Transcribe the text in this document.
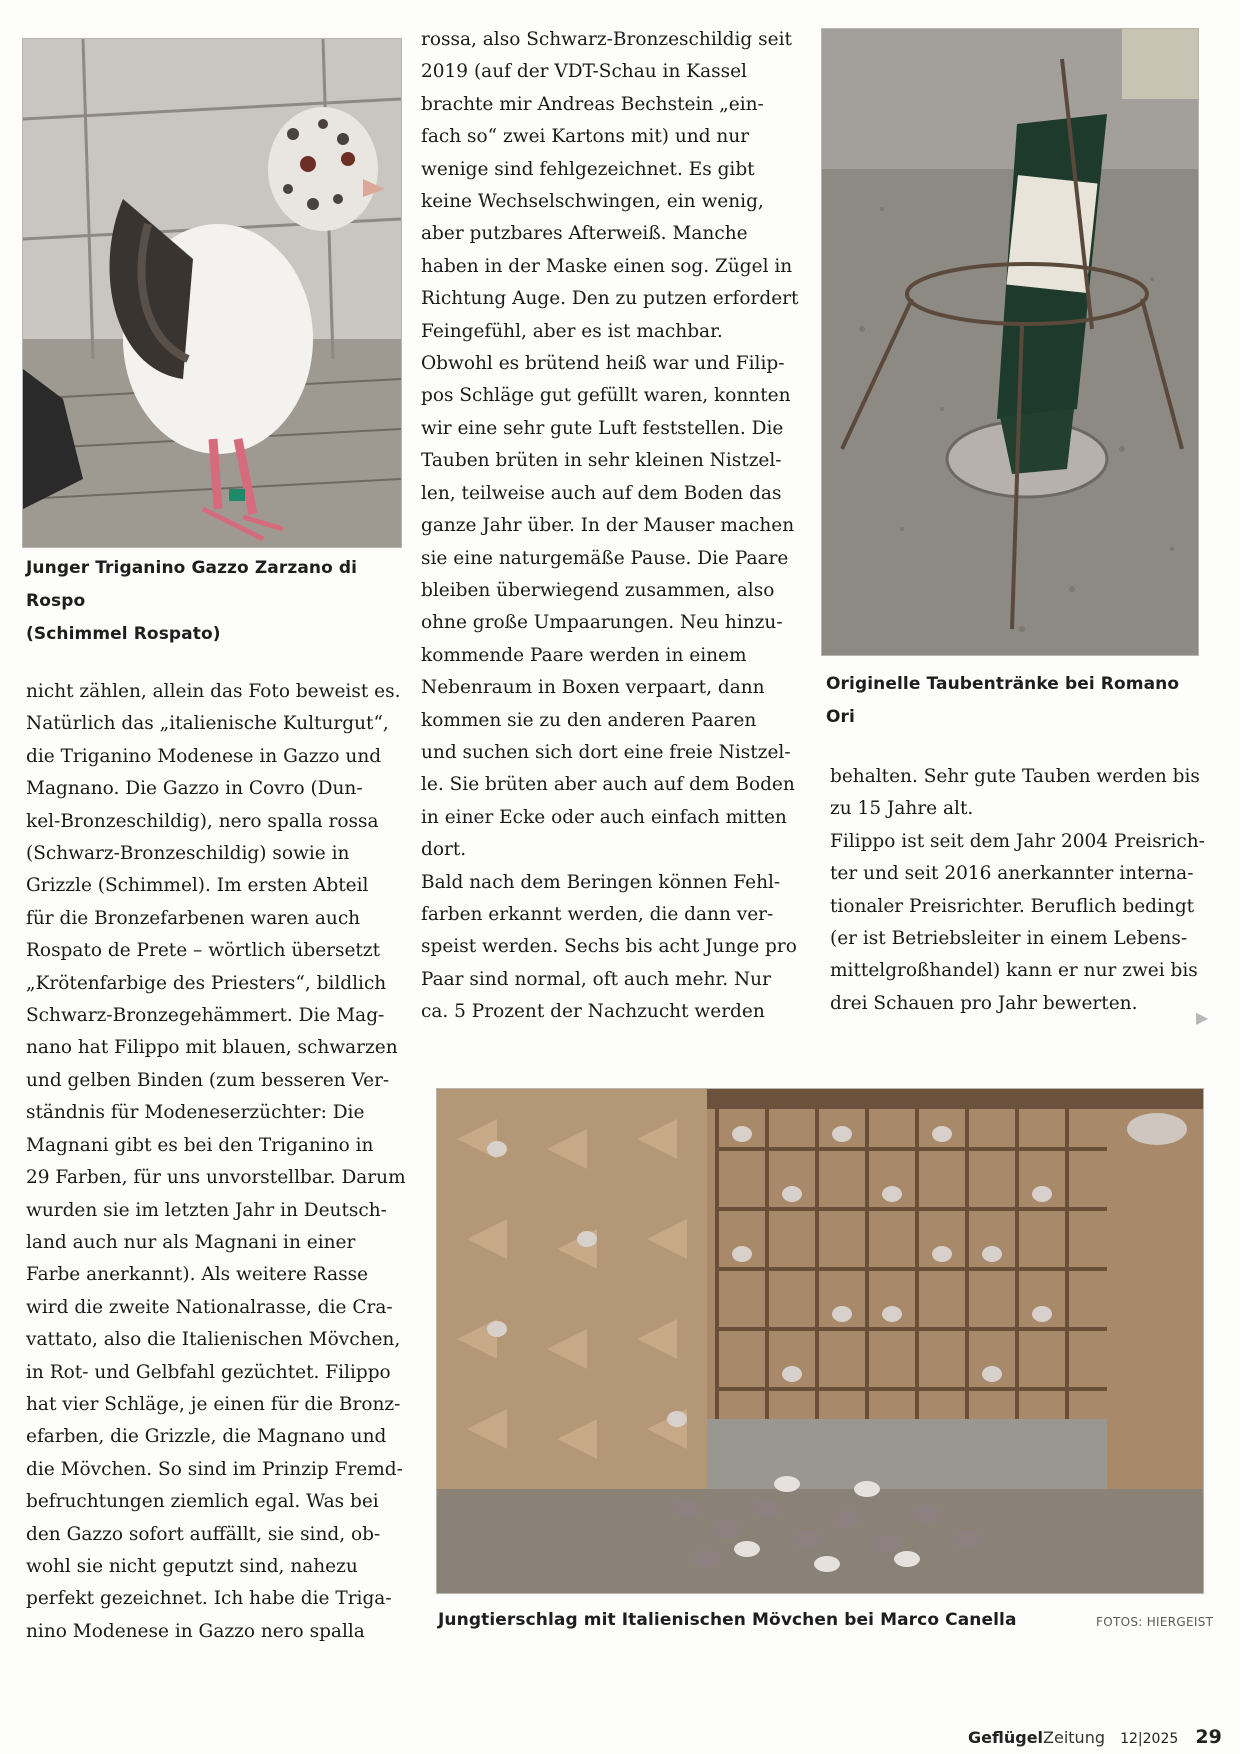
Junger Triganino Gazzo Zarzano di Rospo
(Schimmel Rospato)
Originelle Taubentränke bei Romano Ori
Jungtierschlag mit Italienischen Mövchen bei Marco Canella	FOTOS: HIERGEIST
nicht zählen, allein das Foto beweist es.
Natürlich das „italienische Kulturgut“,
die Triganino Modenese in Gazzo und
Magnano. Die Gazzo in Covro (Dun-
kel-Bronzeschildig), nero spalla rossa
(Schwarz-Bronzeschildig) sowie in
Grizzle (Schimmel). Im ersten Abteil
für die Bronzefarbenen waren auch
Rospato de Prete – wörtlich übersetzt
„Krötenfarbige des Priesters“, bildlich
Schwarz-Bronzegehämmert. Die Mag-
nano hat Filippo mit blauen, schwarzen
und gelben Binden (zum besseren Ver-
ständnis für Modeneserzüchter: Die
Magnani gibt es bei den Triganino in
29 Farben, für uns unvorstellbar. Darum
wurden sie im letzten Jahr in Deutsch-
land auch nur als Magnani in einer
Farbe anerkannt). Als weitere Rasse
wird die zweite Nationalrasse, die Cra-
vattato, also die Italienischen Mövchen,
in Rot- und Gelbfahl gezüchtet. Filippo
hat vier Schläge, je einen für die Bronz-
efarben, die Grizzle, die Magnano und
die Mövchen. So sind im Prinzip Fremd-
befruchtungen ziemlich egal. Was bei
den Gazzo sofort auffällt, sie sind, ob-
wohl sie nicht geputzt sind, nahezu
perfekt gezeichnet. Ich habe die Triga-
nino Modenese in Gazzo nero spalla
rossa, also Schwarz-Bronzeschildig seit
2019 (auf der VDT-Schau in Kassel
brachte mir Andreas Bechstein „ein-
fach so“ zwei Kartons mit) und nur
wenige sind fehlgezeichnet. Es gibt
keine Wechselschwingen, ein wenig,
aber putzbares Afterweiß. Manche
haben in der Maske einen sog. Zügel in
Richtung Auge. Den zu putzen erfordert
Feingefühl, aber es ist machbar.
Obwohl es brütend heiß war und Filip-
pos Schläge gut gefüllt waren, konnten
wir eine sehr gute Luft feststellen. Die
Tauben brüten in sehr kleinen Nistzel-
len, teilweise auch auf dem Boden das
ganze Jahr über. In der Mauser machen
sie eine naturgemäße Pause. Die Paare
bleiben überwiegend zusammen, also
ohne große Umpaarungen. Neu hinzu-
kommende Paare werden in einem
Nebenraum in Boxen verpaart, dann
kommen sie zu den anderen Paaren
und suchen sich dort eine freie Nistzel-
le. Sie brüten aber auch auf dem Boden
in einer Ecke oder auch einfach mitten
dort.
Bald nach dem Beringen können Fehl-
farben erkannt werden, die dann ver-
speist werden. Sechs bis acht Junge pro
Paar sind normal, oft auch mehr. Nur
ca. 5 Prozent der Nachzucht werden
behalten. Sehr gute Tauben werden bis
zu 15 Jahre alt.
Filippo ist seit dem Jahr 2004 Preisrich-
ter und seit 2016 anerkannter interna-
tionaler Preisrichter. Beruflich bedingt
(er ist Betriebsleiter in einem Lebens-
mittelgroßhandel) kann er nur zwei bis
drei Schauen pro Jahr bewerten.
▶
GeflügelZeitung 12|2025 29
